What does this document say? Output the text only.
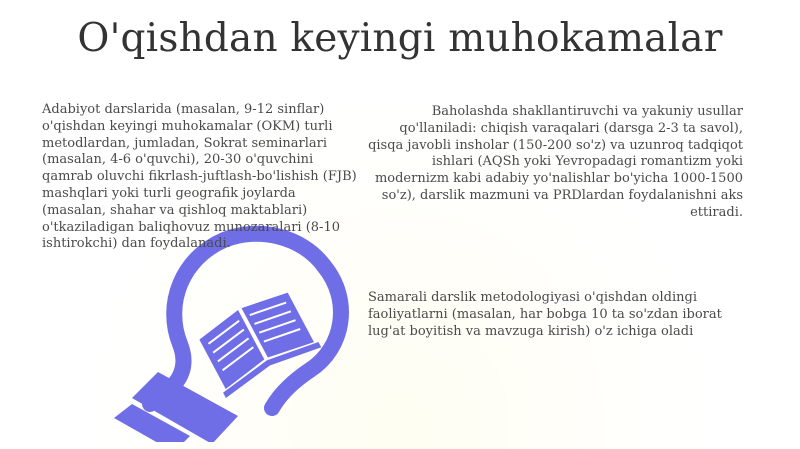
O'qishdan keyingi muhokamalar

Adabiyot darslarida (masalan, 9-12 sinflar) o'qishdan keyingi muhokamalar (OKM) turli metodlardan, jumladan, Sokrat seminarlari (masalan, 4-6 o'quvchi), 20-30 o'quvchini qamrab oluvchi fikrlash-juftlash-bo'lishish (FJB) mashqlari yoki turli geografik joylarda (masalan, shahar va qishloq maktablari) o'tkaziladigan baliqhovuz munozaralari (8-10 ishtirokchi) dan foydalanadi.

Baholashda shakllantiruvchi va yakuniy usullar qo'llaniladi: chiqish varaqalari (darsga 2-3 ta savol), qisqa javobli insholar (150-200 so'z) va uzunroq tadqiqot ishlari (AQSh yoki Yevropadagi romantizm yoki modernizm kabi adabiy yo'nalishlar bo'yicha 1000-1500 so'z), darslik mazmuni va PRDlardan foydalanishni aks ettiradi.

Samarali darslik metodologiyasi o'qishdan oldingi faoliyatlarni (masalan, har bobga 10 ta so'zdan iborat lug'at boyitish va mavzuga kirish) o'z ichiga oladi
